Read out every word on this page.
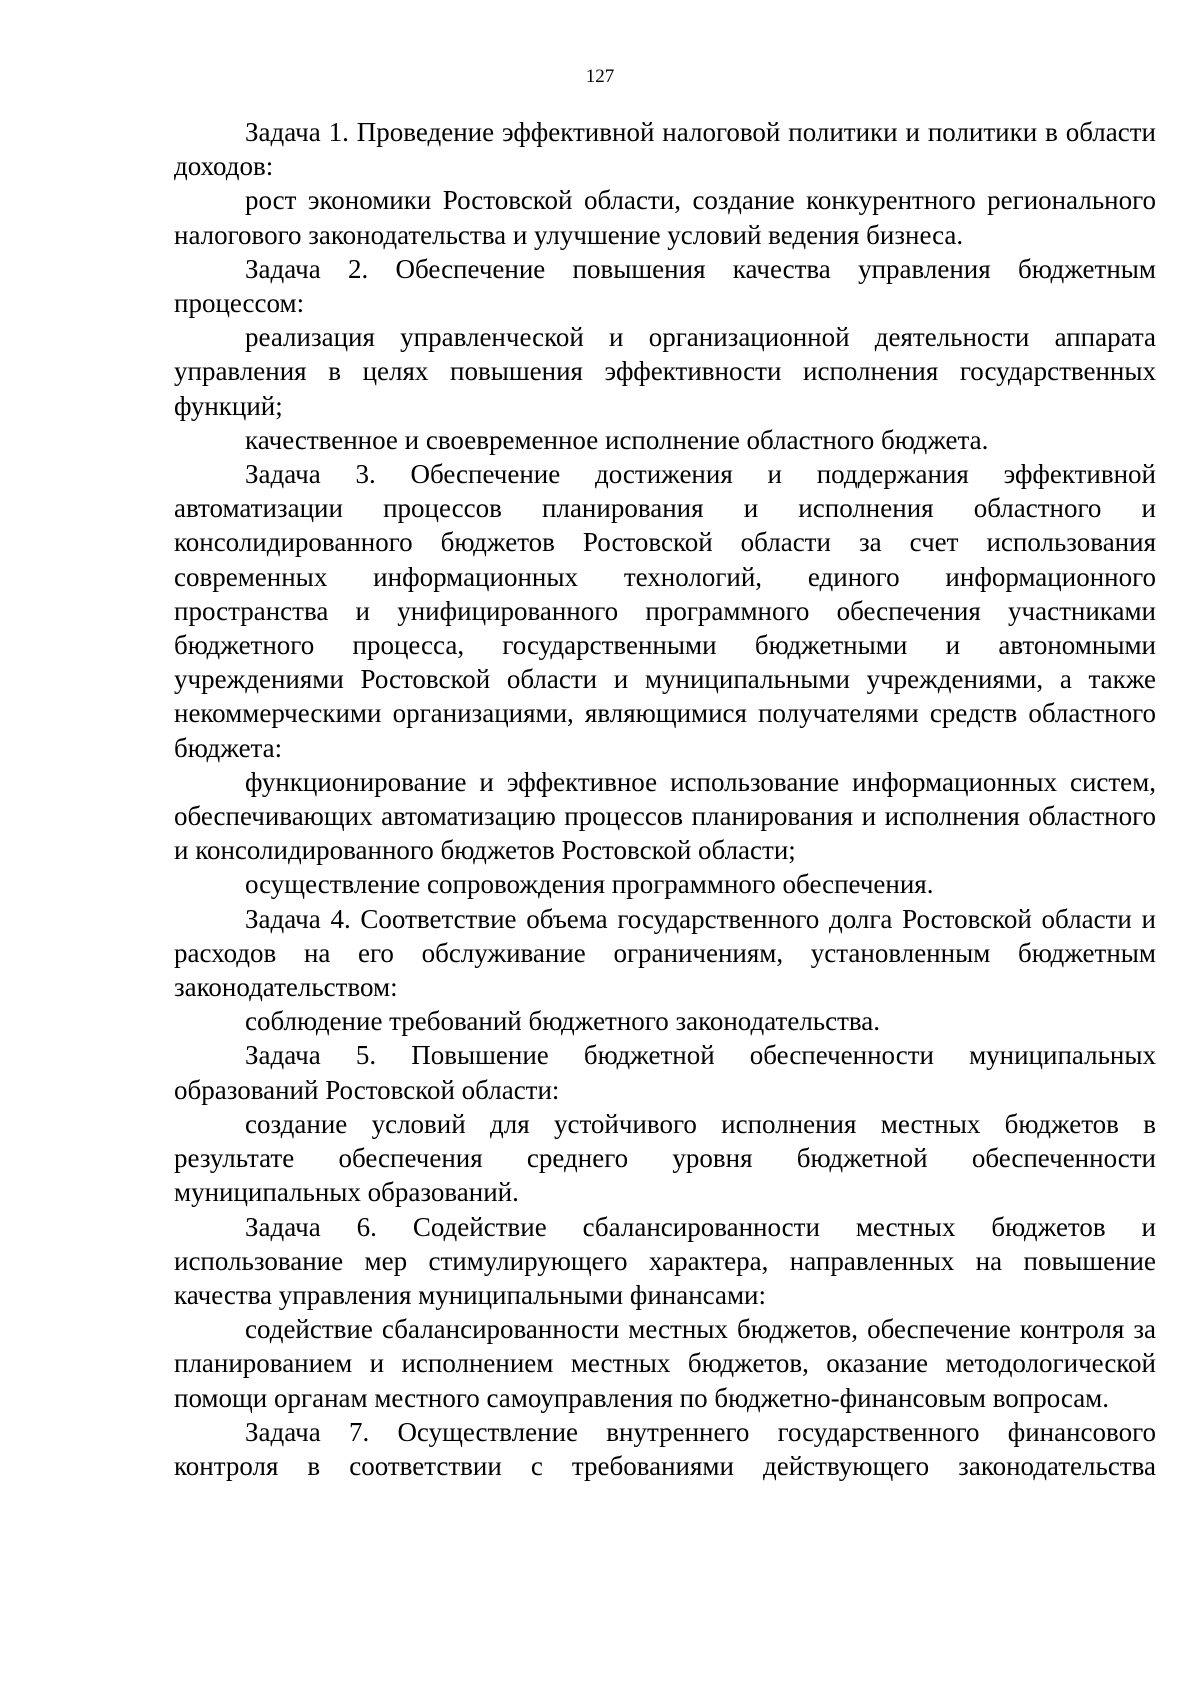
127

Задача 1. Проведение эффективной налоговой политики и политики в области доходов:

рост экономики Ростовской области, создание конкурентного регионального налогового законодательства и улучшение условий ведения бизнеса.

Задача 2. Обеспечение повышения качества управления бюджетным процессом:

реализация управленческой и организационной деятельности аппарата управления в целях повышения эффективности исполнения государственных функций;

качественное и своевременное исполнение областного бюджета.

Задача 3. Обеспечение достижения и поддержания эффективной автоматизации процессов планирования и исполнения областного и консолидированного бюджетов Ростовской области за счет использования современных информационных технологий, единого информационного пространства и унифицированного программного обеспечения участниками бюджетного процесса, государственными бюджетными и автономными учреждениями Ростовской области и муниципальными учреждениями, а также некоммерческими организациями, являющимися получателями средств областного бюджета:

функционирование и эффективное использование информационных систем, обеспечивающих автоматизацию процессов планирования и исполнения областного и консолидированного бюджетов Ростовской области;

осуществление сопровождения программного обеспечения.

Задача 4. Соответствие объема государственного долга Ростовской области и расходов на его обслуживание ограничениям, установленным бюджетным законодательством:

соблюдение требований бюджетного законодательства.

Задача 5. Повышение бюджетной обеспеченности муниципальных образований Ростовской области:

создание условий для устойчивого исполнения местных бюджетов в результате обеспечения среднего уровня бюджетной обеспеченности муниципальных образований.

Задача 6. Содействие сбалансированности местных бюджетов и использование мер стимулирующего характера, направленных на повышение качества управления муниципальными финансами:

содействие сбалансированности местных бюджетов, обеспечение контроля за планированием и исполнением местных бюджетов, оказание методологической помощи органам местного самоуправления по бюджетно-финансовым вопросам.

Задача 7. Осуществление внутреннего государственного финансового контроля в соответствии с требованиями действующего законодательства
